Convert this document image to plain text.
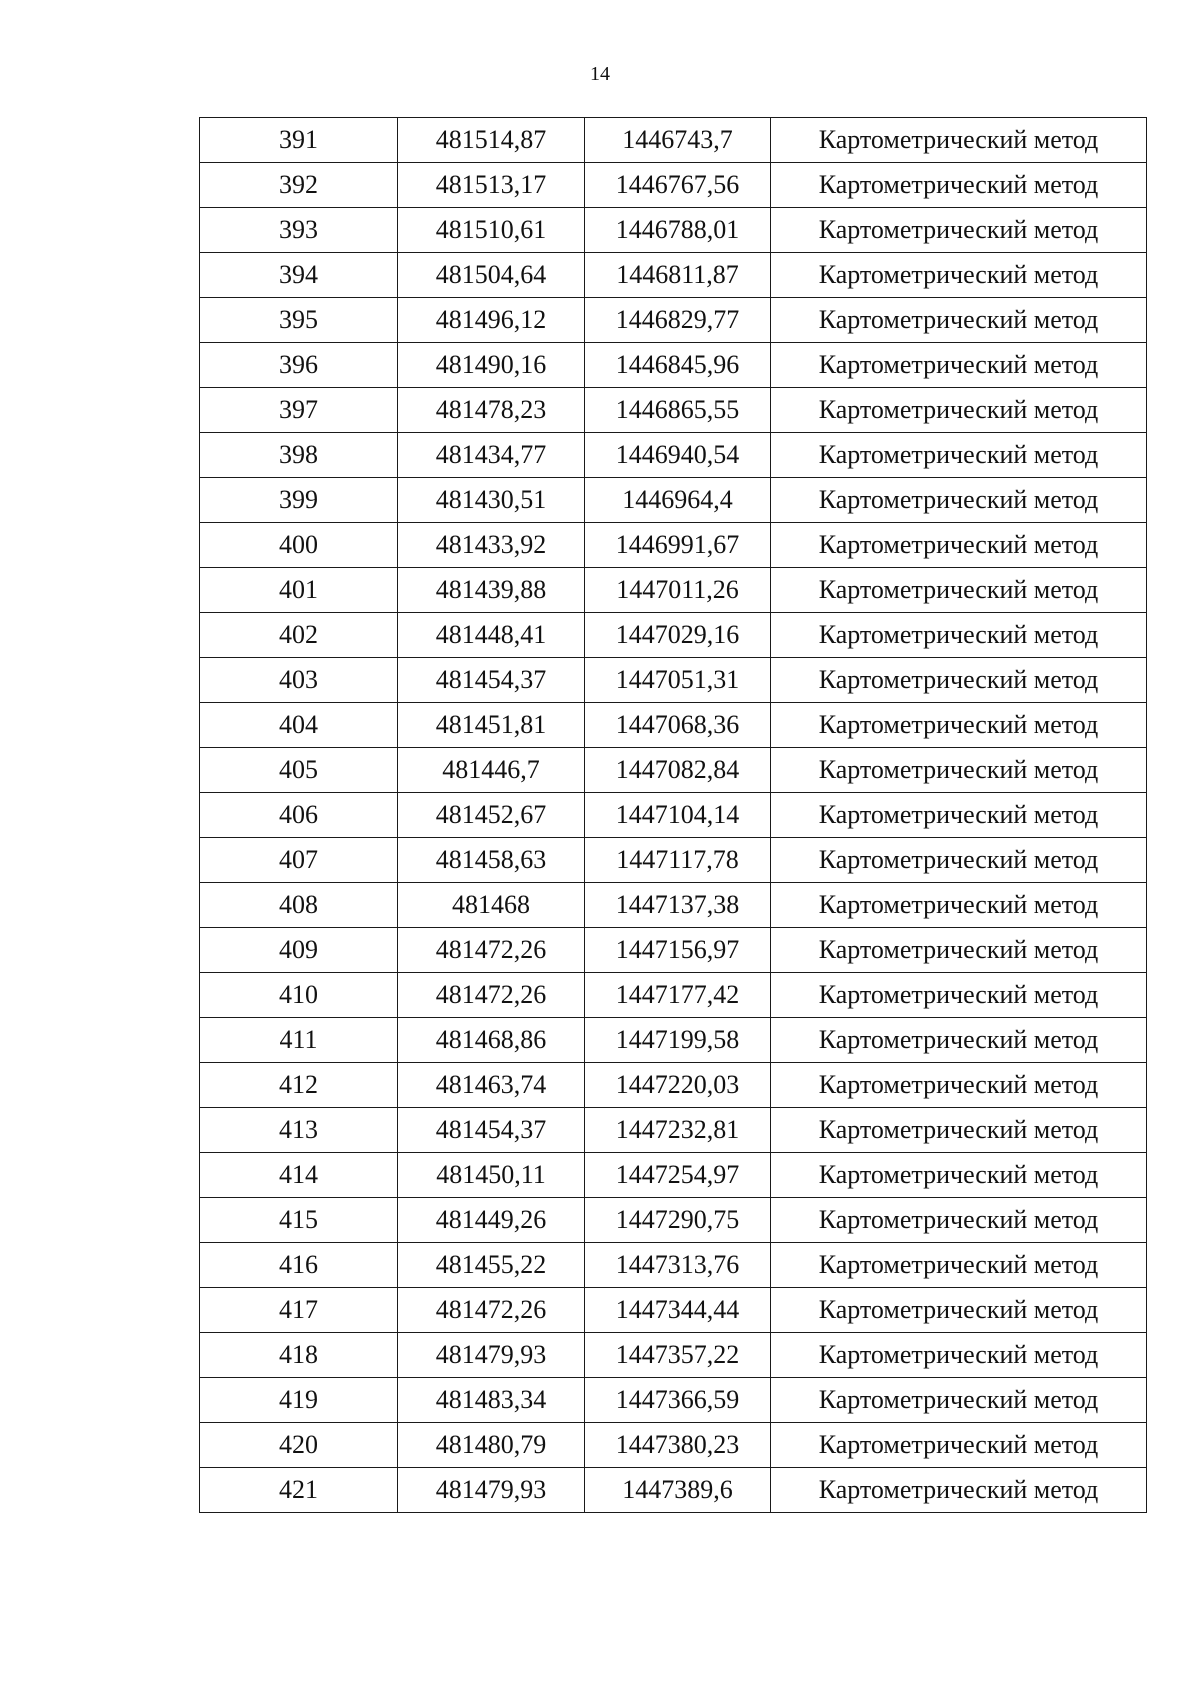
14
391	481514,87	1446743,7	Картометрический метод
392	481513,17	1446767,56	Картометрический метод
393	481510,61	1446788,01	Картометрический метод
394	481504,64	1446811,87	Картометрический метод
395	481496,12	1446829,77	Картометрический метод
396	481490,16	1446845,96	Картометрический метод
397	481478,23	1446865,55	Картометрический метод
398	481434,77	1446940,54	Картометрический метод
399	481430,51	1446964,4	Картометрический метод
400	481433,92	1446991,67	Картометрический метод
401	481439,88	1447011,26	Картометрический метод
402	481448,41	1447029,16	Картометрический метод
403	481454,37	1447051,31	Картометрический метод
404	481451,81	1447068,36	Картометрический метод
405	481446,7	1447082,84	Картометрический метод
406	481452,67	1447104,14	Картометрический метод
407	481458,63	1447117,78	Картометрический метод
408	481468	1447137,38	Картометрический метод
409	481472,26	1447156,97	Картометрический метод
410	481472,26	1447177,42	Картометрический метод
411	481468,86	1447199,58	Картометрический метод
412	481463,74	1447220,03	Картометрический метод
413	481454,37	1447232,81	Картометрический метод
414	481450,11	1447254,97	Картометрический метод
415	481449,26	1447290,75	Картометрический метод
416	481455,22	1447313,76	Картометрический метод
417	481472,26	1447344,44	Картометрический метод
418	481479,93	1447357,22	Картометрический метод
419	481483,34	1447366,59	Картометрический метод
420	481480,79	1447380,23	Картометрический метод
421	481479,93	1447389,6	Картометрический метод
